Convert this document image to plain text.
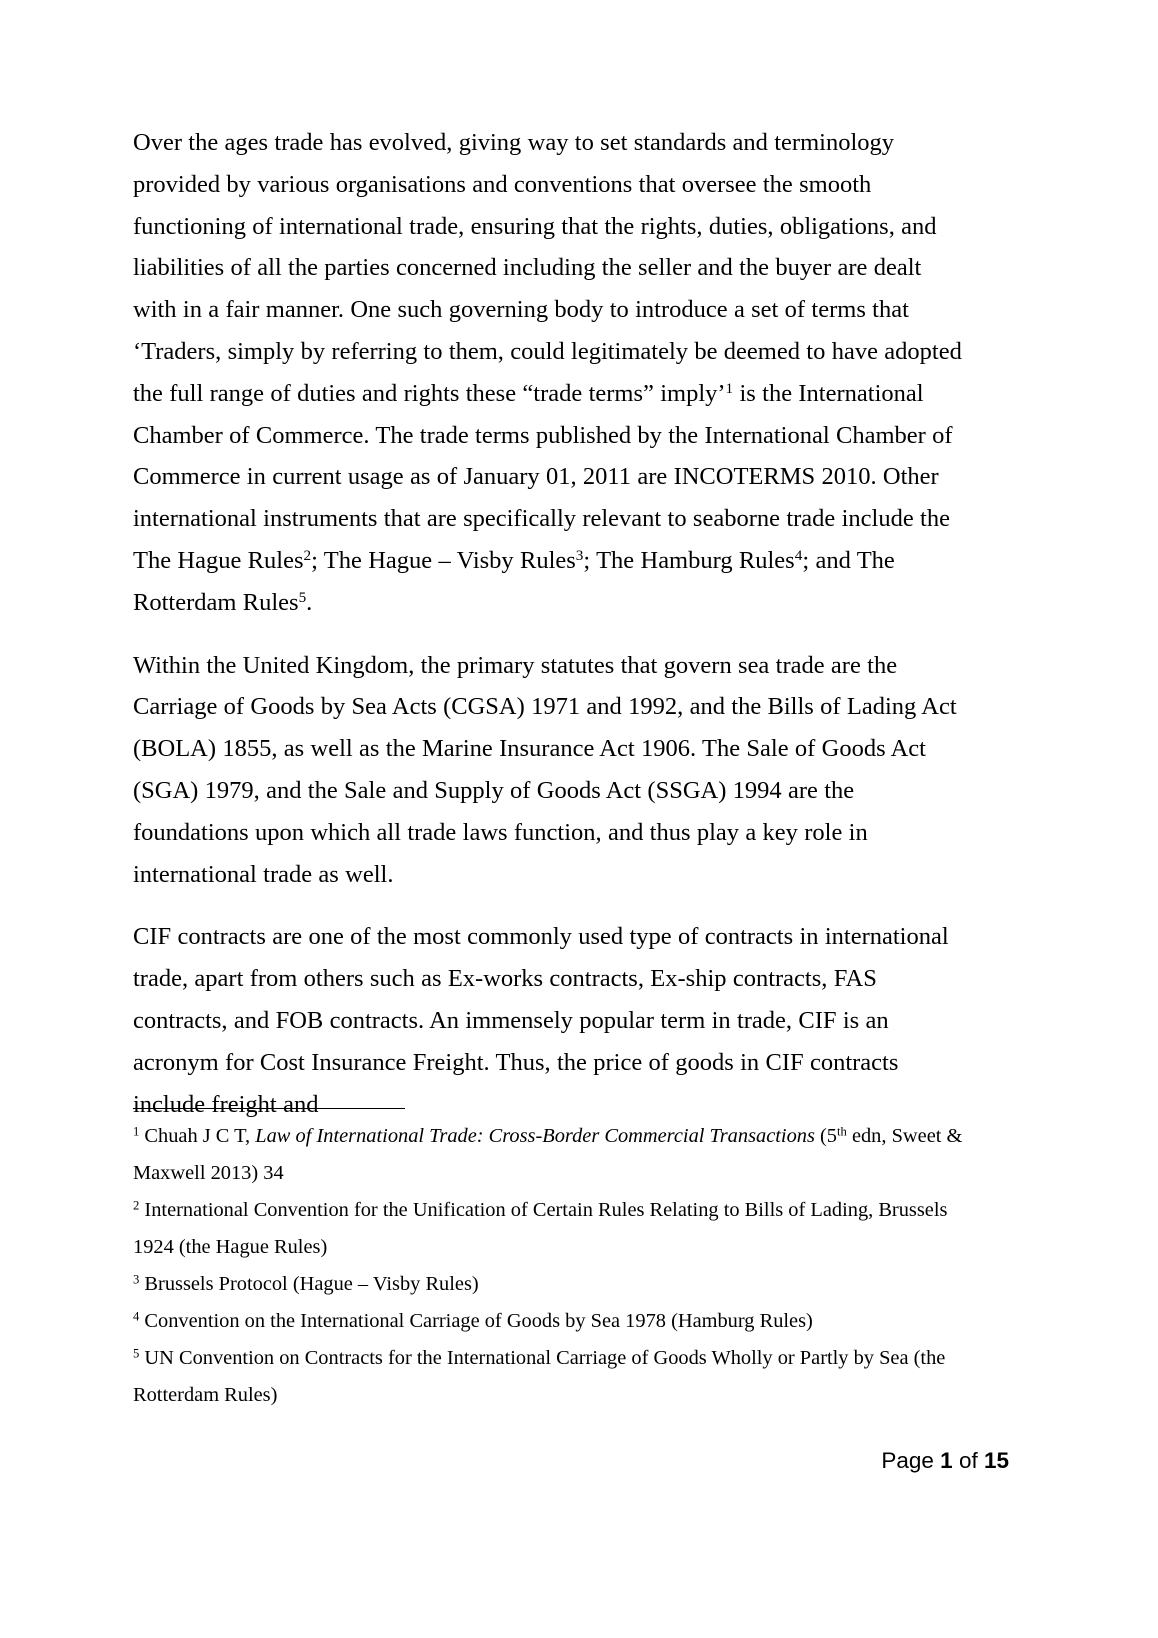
Over the ages trade has evolved, giving way to set standards and terminology provided by various organisations and conventions that oversee the smooth functioning of international trade, ensuring that the rights, duties, obligations, and liabilities of all the parties concerned including the seller and the buyer are dealt with in a fair manner. One such governing body to introduce a set of terms that ‘Traders, simply by referring to them, could legitimately be deemed to have adopted the full range of duties and rights these “trade terms” imply’$^1$ is the International Chamber of Commerce. The trade terms published by the International Chamber of Commerce in current usage as of January 01, 2011 are INCOTERMS 2010. Other international instruments that are specifically relevant to seaborne trade include the The Hague Rules$^2$; The Hague – Visby Rules$^3$; The Hamburg Rules$^4$; and The Rotterdam Rules$^5$.

Within the United Kingdom, the primary statutes that govern sea trade are the Carriage of Goods by Sea Acts (CGSA) 1971 and 1992, and the Bills of Lading Act (BOLA) 1855, as well as the Marine Insurance Act 1906. The Sale of Goods Act (SGA) 1979, and the Sale and Supply of Goods Act (SSGA) 1994 are the foundations upon which all trade laws function, and thus play a key role in international trade as well.

CIF contracts are one of the most commonly used type of contracts in international trade, apart from others such as Ex-works contracts, Ex-ship contracts, FAS contracts, and FOB contracts. An immensely popular term in trade, CIF is an acronym for Cost Insurance Freight. Thus, the price of goods in CIF contracts include freight and

$^1$ Chuah J C T, Law of International Trade: Cross-Border Commercial Transactions (5th edn, Sweet & Maxwell 2013) 34

$^2$ International Convention for the Unification of Certain Rules Relating to Bills of Lading, Brussels 1924 (the Hague Rules)

$^3$ Brussels Protocol (Hague – Visby Rules)

$^4$ Convention on the International Carriage of Goods by Sea 1978 (Hamburg Rules)

$^5$ UN Convention on Contracts for the International Carriage of Goods Wholly or Partly by Sea (the Rotterdam Rules)

Page 1 of 15
